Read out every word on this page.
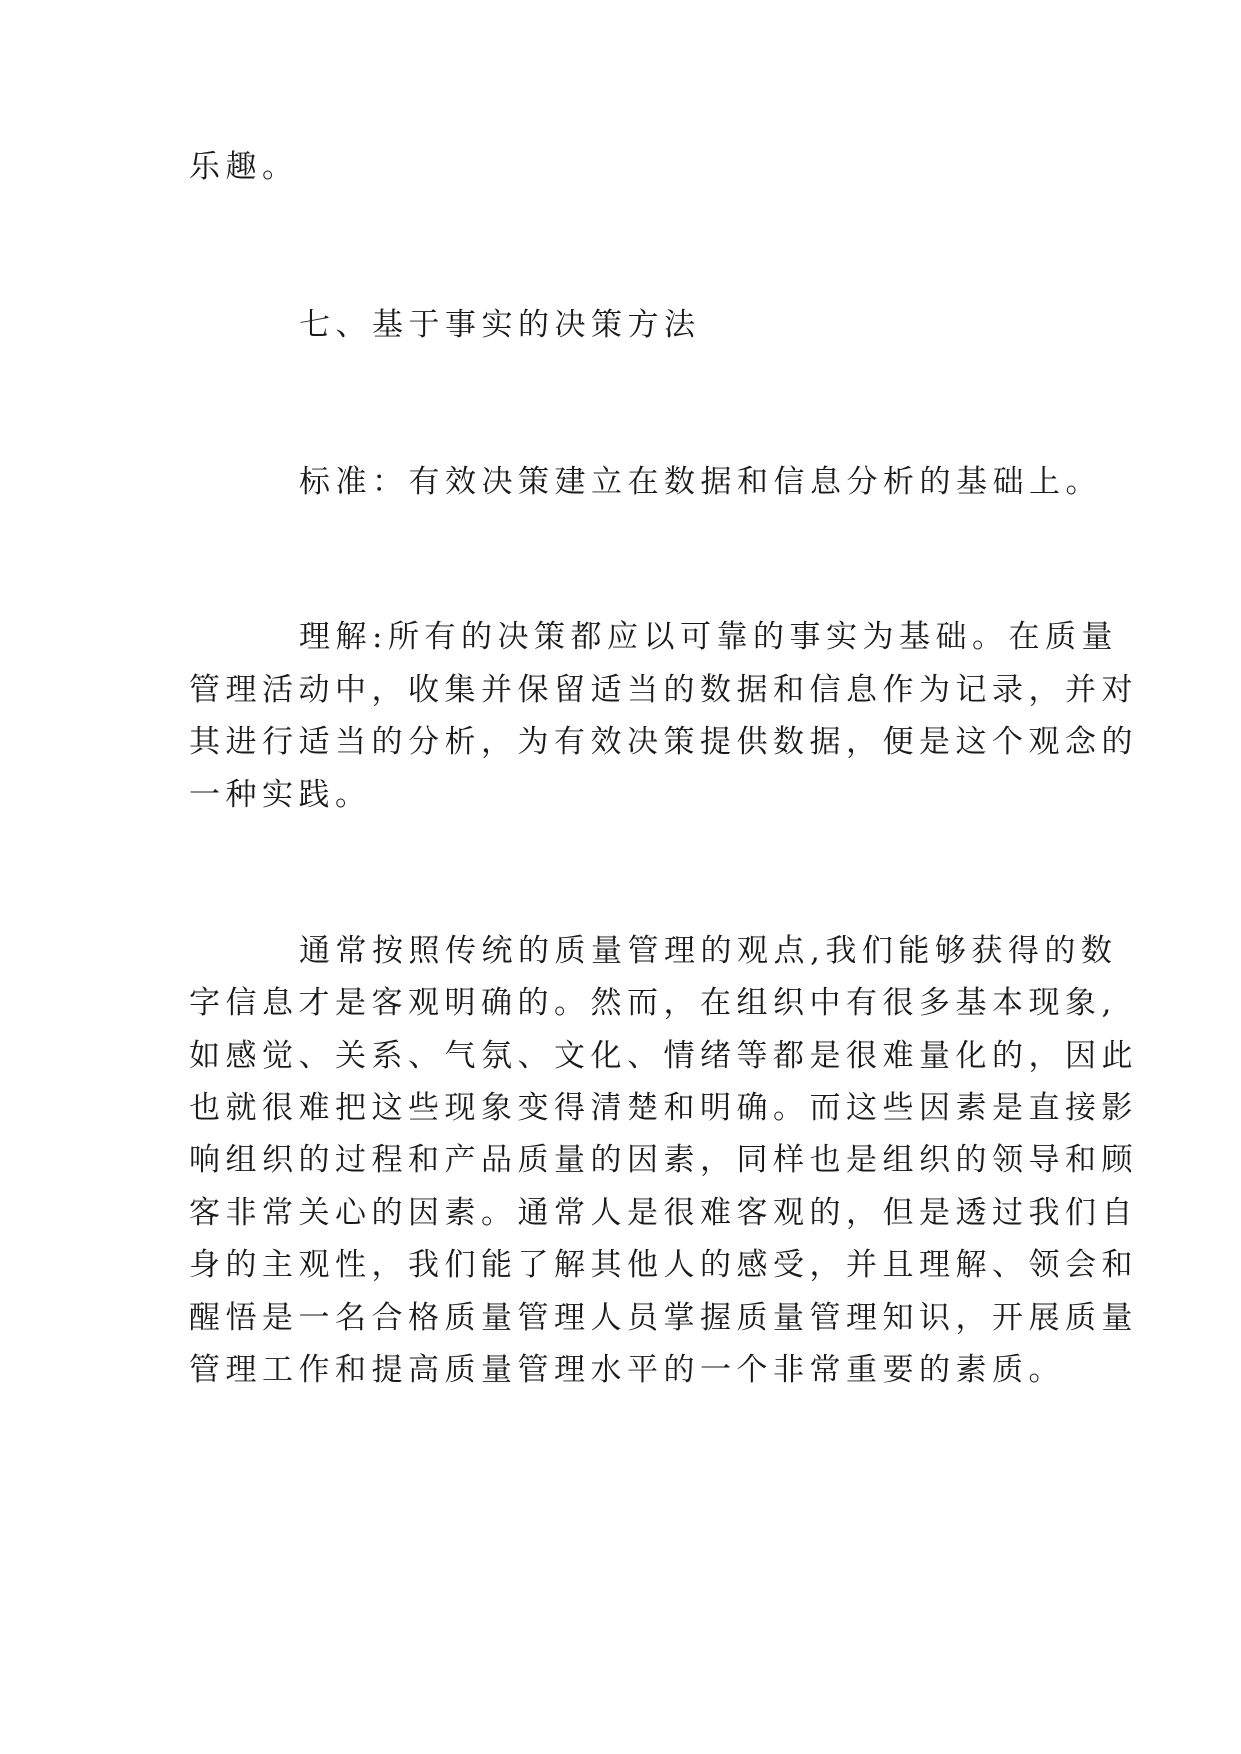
乐趣。
七、基于事实的决策方法
标准：有效决策建立在数据和信息分析的基础上。
理解:所有的决策都应以可靠的事实为基础。在质量
管理活动中，收集并保留适当的数据和信息作为记录，并对
其进行适当的分析，为有效决策提供数据，便是这个观念的
一种实践。
通常按照传统的质量管理的观点,我们能够获得的数
字信息才是客观明确的。然而，在组织中有很多基本现象,
如感觉、关系、气氛、文化、情绪等都是很难量化的，因此
也就很难把这些现象变得清楚和明确。而这些因素是直接影
响组织的过程和产品质量的因素，同样也是组织的领导和顾
客非常关心的因素。通常人是很难客观的，但是透过我们自
身的主观性，我们能了解其他人的感受，并且理解、领会和
醒悟是一名合格质量管理人员掌握质量管理知识，开展质量
管理工作和提高质量管理水平的一个非常重要的素质。
